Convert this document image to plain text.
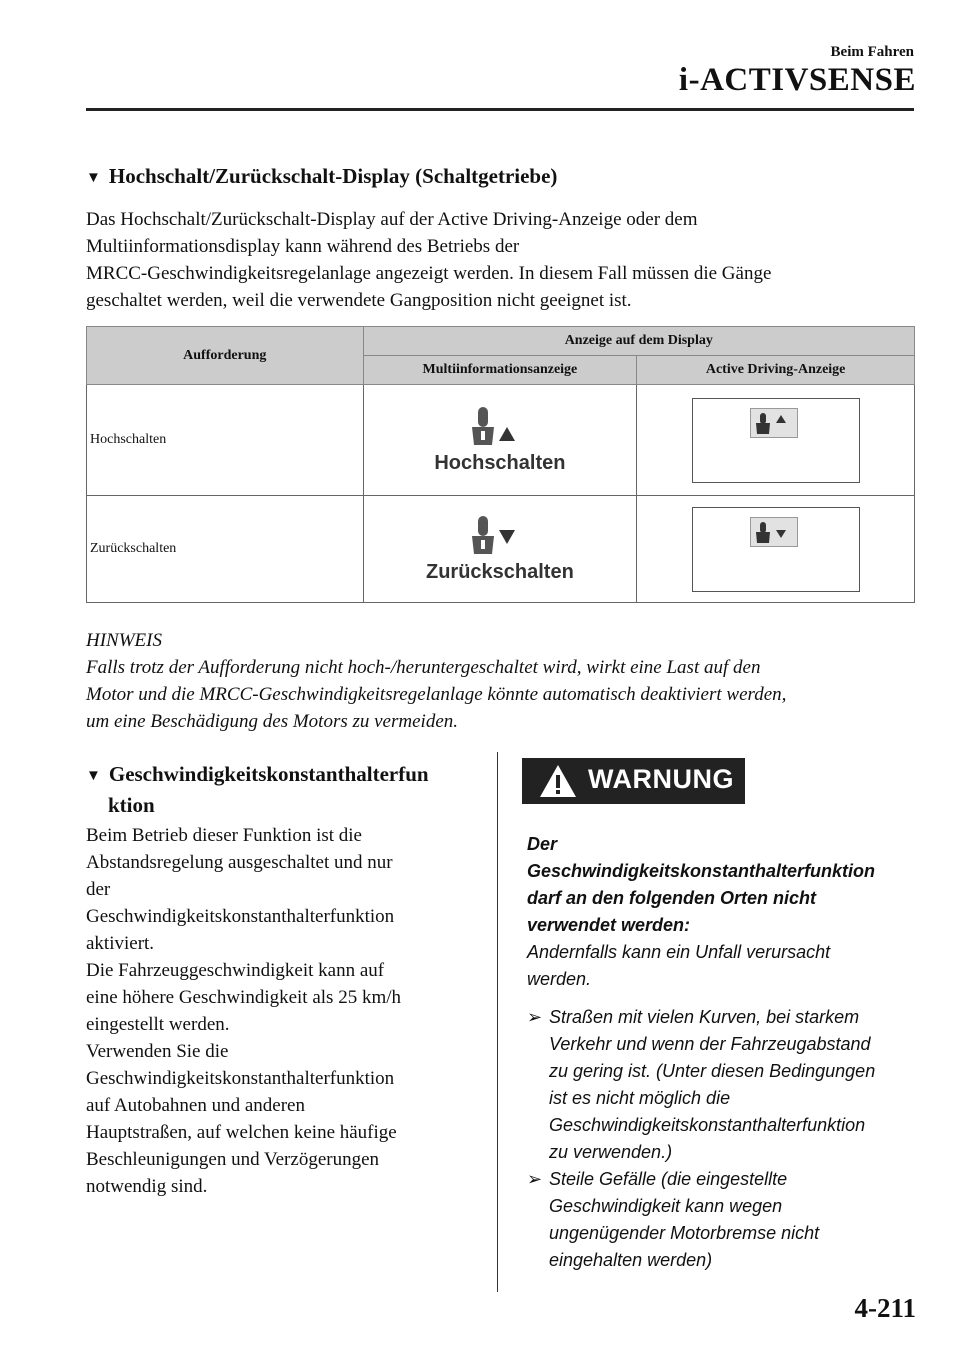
Beim Fahren
i-ACTIVSENSE
▼ Hochschalt/Zurückschalt-Display (Schaltgetriebe)
Das Hochschalt/Zurückschalt-Display auf der Active Driving-Anzeige oder dem
Multiinformationsdisplay kann während des Betriebs der
MRCC-Geschwindigkeitsregelanlage angezeigt werden. In diesem Fall müssen die Gänge
geschaltet werden, weil die verwendete Gangposition nicht geeignet ist.
Aufforderung	Anzeige auf dem Display	
	Multiinformationsanzeige	Active Driving-Anzeige
Hochschalten	Hochschalten

Zurückschalten	Zurückschalten

HINWEIS
Falls trotz der Aufforderung nicht hoch-/heruntergeschaltet wird, wirkt eine Last auf den
Motor und die MRCC-Geschwindigkeitsregelanlage könnte automatisch deaktiviert werden,
um eine Beschädigung des Motors zu vermeiden.
▼ Geschwindigkeitskonstanthalterfun
ktion
Beim Betrieb dieser Funktion ist die
Abstandsregelung ausgeschaltet und nur
der
Geschwindigkeitskonstanthalterfunktion
aktiviert.
Die Fahrzeuggeschwindigkeit kann auf
eine höhere Geschwindigkeit als 25 km/h
eingestellt werden.
Verwenden Sie die
Geschwindigkeitskonstanthalterfunktion
auf Autobahnen und anderen
Hauptstraßen, auf welchen keine häufige
Beschleunigungen und Verzögerungen
notwendig sind.
WARNUNG
Der
Geschwindigkeitskonstanthalterfunktion
darf an den folgenden Orten nicht
verwendet werden:
Andernfalls kann ein Unfall verursacht
werden.
➢ Straßen mit vielen Kurven, bei starkem
Verkehr und wenn der Fahrzeugabstand
zu gering ist. (Unter diesen Bedingungen
ist es nicht möglich die
Geschwindigkeitskonstanthalterfunktion
zu verwenden.)
➢ Steile Gefälle (die eingestellte
Geschwindigkeit kann wegen
ungenügender Motorbremse nicht
eingehalten werden)
4-211
